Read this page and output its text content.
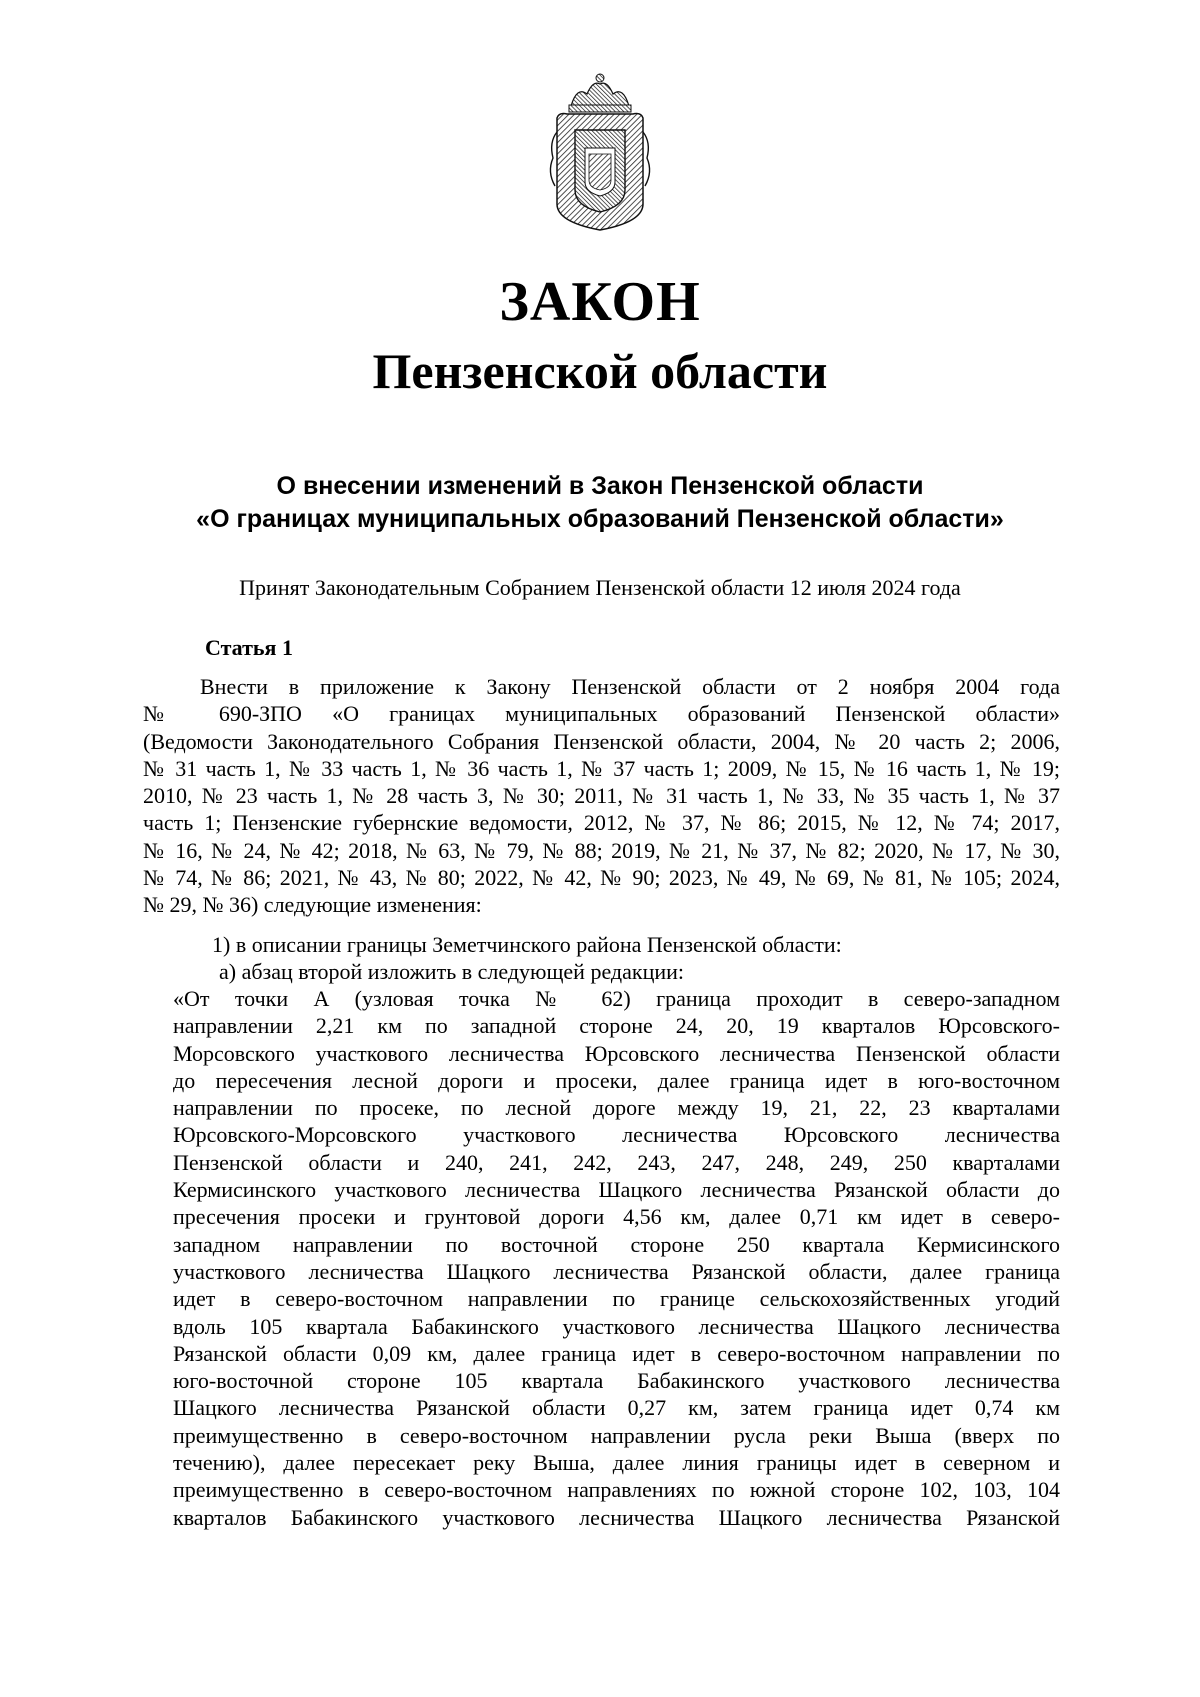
ЗАКОН
Пензенской области
О внесении изменений в Закон Пензенской области
«О границах муниципальных образований Пензенской области»
Принят Законодательным Собранием Пензенской области 12 июля 2024 года
Статья 1
Внести в приложение к Закону Пензенской области от 2 ноября 2004 года
№ 690-ЗПО «О границах муниципальных образований Пензенской области»
(Ведомости Законодательного Собрания Пензенской области, 2004, № 20 часть 2; 2006,
№ 31 часть 1, № 33 часть 1, № 36 часть 1, № 37 часть 1; 2009, № 15, № 16 часть 1, № 19;
2010, № 23 часть 1, № 28 часть 3, № 30; 2011, № 31 часть 1, № 33, № 35 часть 1, № 37
часть 1; Пензенские губернские ведомости, 2012, № 37, № 86; 2015, № 12, № 74; 2017,
№ 16, № 24, № 42; 2018, № 63, № 79, № 88; 2019, № 21, № 37, № 82; 2020, № 17, № 30,
№ 74, № 86; 2021, № 43, № 80; 2022, № 42, № 90; 2023, № 49, № 69, № 81, № 105; 2024,
№ 29, № 36) следующие изменения:
1) в описании границы Земетчинского района Пензенской области:
а) абзац второй изложить в следующей редакции:
«От точки А (узловая точка № 62) граница проходит в северо-западном
направлении 2,21 км по западной стороне 24, 20, 19 кварталов Юрсовского-
Морсовского участкового лесничества Юрсовского лесничества Пензенской области
до пересечения лесной дороги и просеки, далее граница идет в юго-восточном
направлении по просеке, по лесной дороге между 19, 21, 22, 23 кварталами
Юрсовского-Морсовского участкового лесничества Юрсовского лесничества
Пензенской области и 240, 241, 242, 243, 247, 248, 249, 250 кварталами
Кермисинского участкового лесничества Шацкого лесничества Рязанской области до
пресечения просеки и грунтовой дороги 4,56 км, далее 0,71 км идет в северо-
западном направлении по восточной стороне 250 квартала Кермисинского
участкового лесничества Шацкого лесничества Рязанской области, далее граница
идет в северо-восточном направлении по границе сельскохозяйственных угодий
вдоль 105 квартала Бабакинского участкового лесничества Шацкого лесничества
Рязанской области 0,09 км, далее граница идет в северо-восточном направлении по
юго-восточной стороне 105 квартала Бабакинского участкового лесничества
Шацкого лесничества Рязанской области 0,27 км, затем граница идет 0,74 км
преимущественно в северо-восточном направлении русла реки Выша (вверх по
течению), далее пересекает реку Выша, далее линия границы идет в северном и
преимущественно в северо-восточном направлениях по южной стороне 102, 103, 104
кварталов Бабакинского участкового лесничества Шацкого лесничества Рязанской
